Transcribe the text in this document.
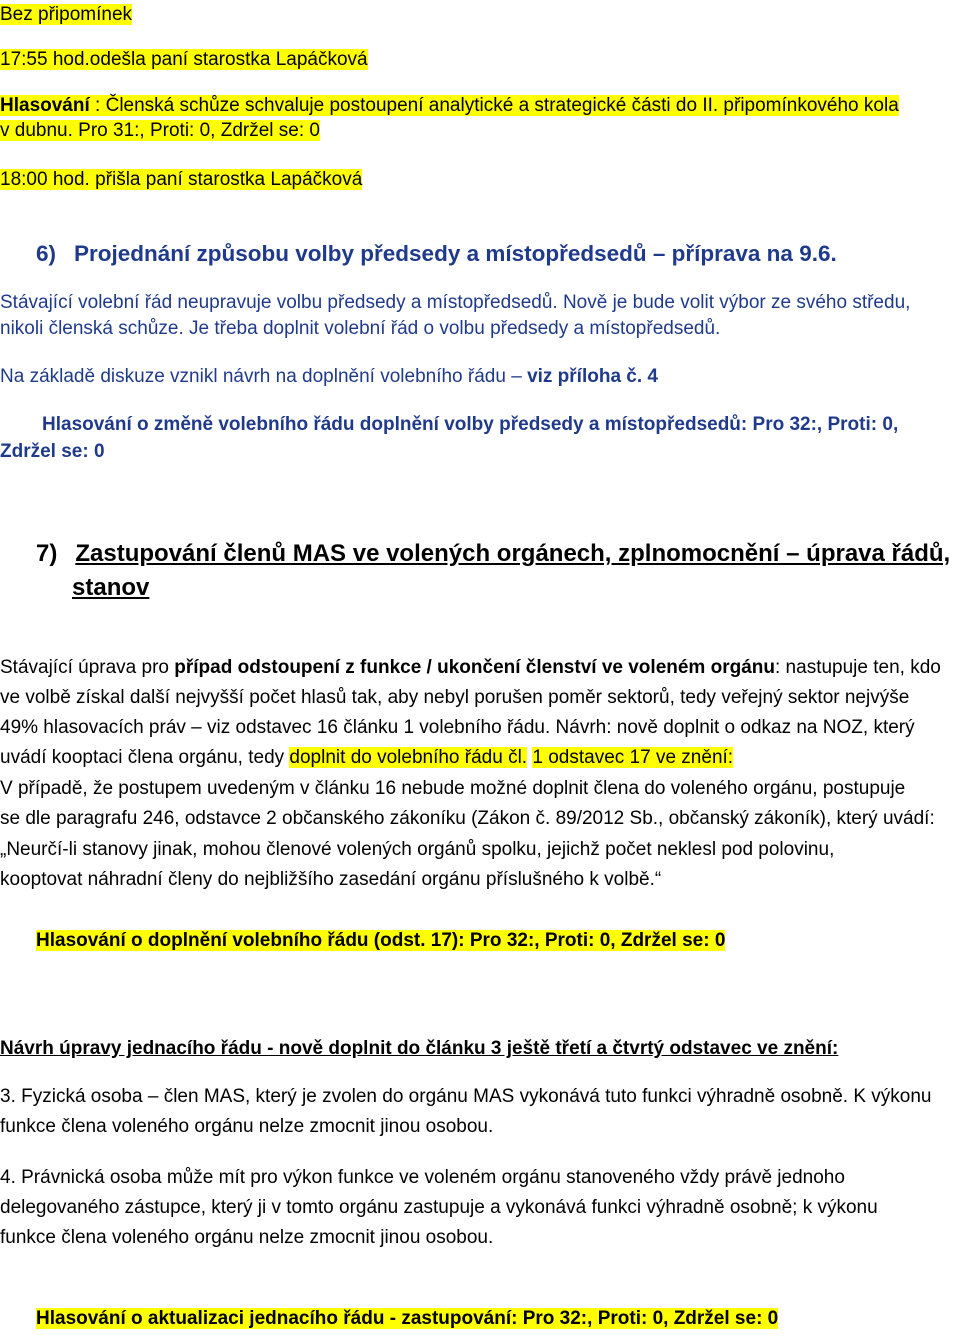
Bez připomínek
17:55 hod.odešla paní starostka Lapáčková
Hlasování : Členská schůze schvaluje postoupení analytické a strategické části do II. připomínkového kola
v dubnu. Pro 31:, Proti: 0, Zdržel se: 0
18:00 hod. přišla paní starostka Lapáčková
6) Projednání způsobu volby předsedy a místopředsedů – příprava na 9.6.
Stávající volební řád neupravuje volbu předsedy a místopředsedů. Nově je bude volit výbor ze svého středu,
nikoli členská schůze. Je třeba doplnit volební řád o volbu předsedy a místopředsedů.
Na základě diskuze vznikl návrh na doplnění volebního řádu – viz příloha č. 4
Hlasování o změně volebního řádu doplnění volby předsedy a místopředsedů: Pro 32:, Proti: 0,
Zdržel se: 0
7) Zastupování členů MAS ve volených orgánech, zplnomocnění – úprava řádů,
stanov
Stávající úprava pro případ odstoupení z funkce / ukončení členství ve voleném orgánu: nastupuje ten, kdo
ve volbě získal další nejvyšší počet hlasů tak, aby nebyl porušen poměr sektorů, tedy veřejný sektor nejvýše
49% hlasovacích práv – viz odstavec 16 článku 1 volebního řádu. Návrh: nově doplnit o odkaz na NOZ, který
uvádí kooptaci člena orgánu, tedy doplnit do volebního řádu čl. 1 odstavec 17 ve znění:
V případě, že postupem uvedeným v článku 16 nebude možné doplnit člena do voleného orgánu, postupuje
se dle paragrafu 246, odstavce 2 občanského zákoníku (Zákon č. 89/2012 Sb., občanský zákoník), který uvádí:
„Neurčí-li stanovy jinak, mohou členové volených orgánů spolku, jejichž počet neklesl pod polovinu,
kooptovat náhradní členy do nejbližšího zasedání orgánu příslušného k volbě.“
Hlasování o doplnění volebního řádu (odst. 17): Pro 32:, Proti: 0, Zdržel se: 0
Návrh úpravy jednacího řádu - nově doplnit do článku 3 ještě třetí a čtvrtý odstavec ve znění:
3. Fyzická osoba – člen MAS, který je zvolen do orgánu MAS vykonává tuto funkci výhradně osobně. K výkonu
funkce člena voleného orgánu nelze zmocnit jinou osobou.
4. Právnická osoba může mít pro výkon funkce ve voleném orgánu stanoveného vždy právě jednoho
delegovaného zástupce, který ji v tomto orgánu zastupuje a vykonává funkci výhradně osobně; k výkonu
funkce člena voleného orgánu nelze zmocnit jinou osobou.
Hlasování o aktualizaci jednacího řádu - zastupování: Pro 32:, Proti: 0, Zdržel se: 0
